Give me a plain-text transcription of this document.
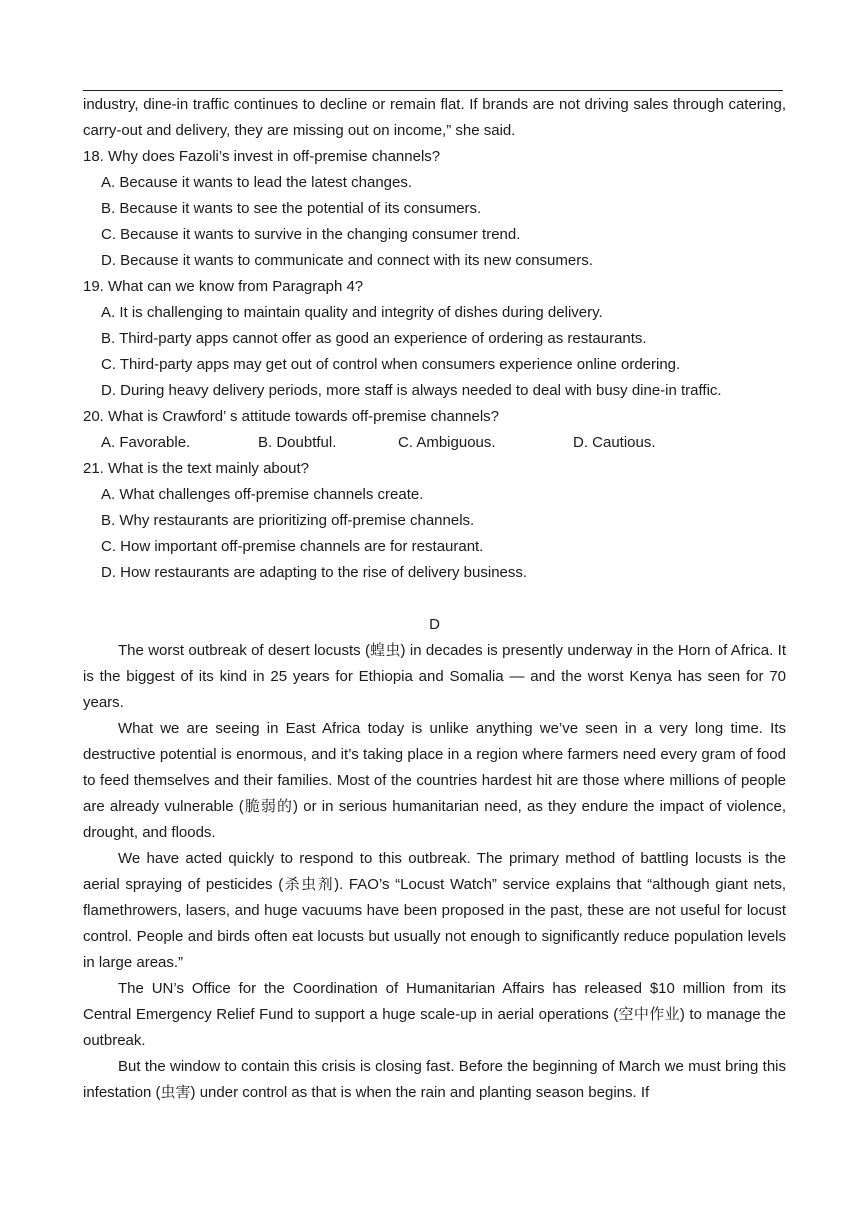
industry, dine-in traffic continues to decline or remain flat. If brands are not driving sales through catering, carry-out and delivery, they are missing out on income,” she said.

18. Why does Fazoli’s invest in off-premise channels?

A. Because it wants to lead the latest changes.

B. Because it wants to see the potential of its consumers.

C. Because it wants to survive in the changing consumer trend.

D. Because it wants to communicate and connect with its new consumers.

19. What can we know from Paragraph 4?

A. It is challenging to maintain quality and integrity of dishes during delivery.

B. Third-party apps cannot offer as good an experience of ordering as restaurants.

C. Third-party apps may get out of control when consumers experience online ordering.

D. During heavy delivery periods, more staff is always needed to deal with busy dine-in traffic.

20. What is Crawford’ s attitude towards off-premise channels?

A. Favorable.	B. Doubtful.	C. Ambiguous.	D. Cautious.

21. What is the text mainly about?

A. What challenges off-premise channels create.

B. Why restaurants are prioritizing off-premise channels.

C. How important off-premise channels are for restaurant.

D. How restaurants are adapting to the rise of delivery business.

D

The worst outbreak of desert locusts (蝗虫) in decades is presently underway in the Horn of Africa. It is the biggest of its kind in 25 years for Ethiopia and Somalia — and the worst Kenya has seen for 70 years.

What we are seeing in East Africa today is unlike anything we’ve seen in a very long time. Its destructive potential is enormous, and it’s taking place in a region where farmers need every gram of food to feed themselves and their families. Most of the countries hardest hit are those where millions of people are already vulnerable (脆弱的) or in serious humanitarian need, as they endure the impact of violence, drought, and floods.

We have acted quickly to respond to this outbreak. The primary method of battling locusts is the aerial spraying of pesticides (杀虫剂). FAO’s “Locust Watch” service explains that “although giant nets, flamethrowers, lasers, and huge vacuums have been proposed in the past, these are not useful for locust control. People and birds often eat locusts but usually not enough to significantly reduce population levels in large areas.”

The UN’s Office for the Coordination of Humanitarian Affairs has released $10 million from its Central Emergency Relief Fund to support a huge scale-up in aerial operations (空中作业) to manage the outbreak.

But the window to contain this crisis is closing fast. Before the beginning of March we must bring this infestation (虫害) under control as that is when the rain and planting season begins. If
